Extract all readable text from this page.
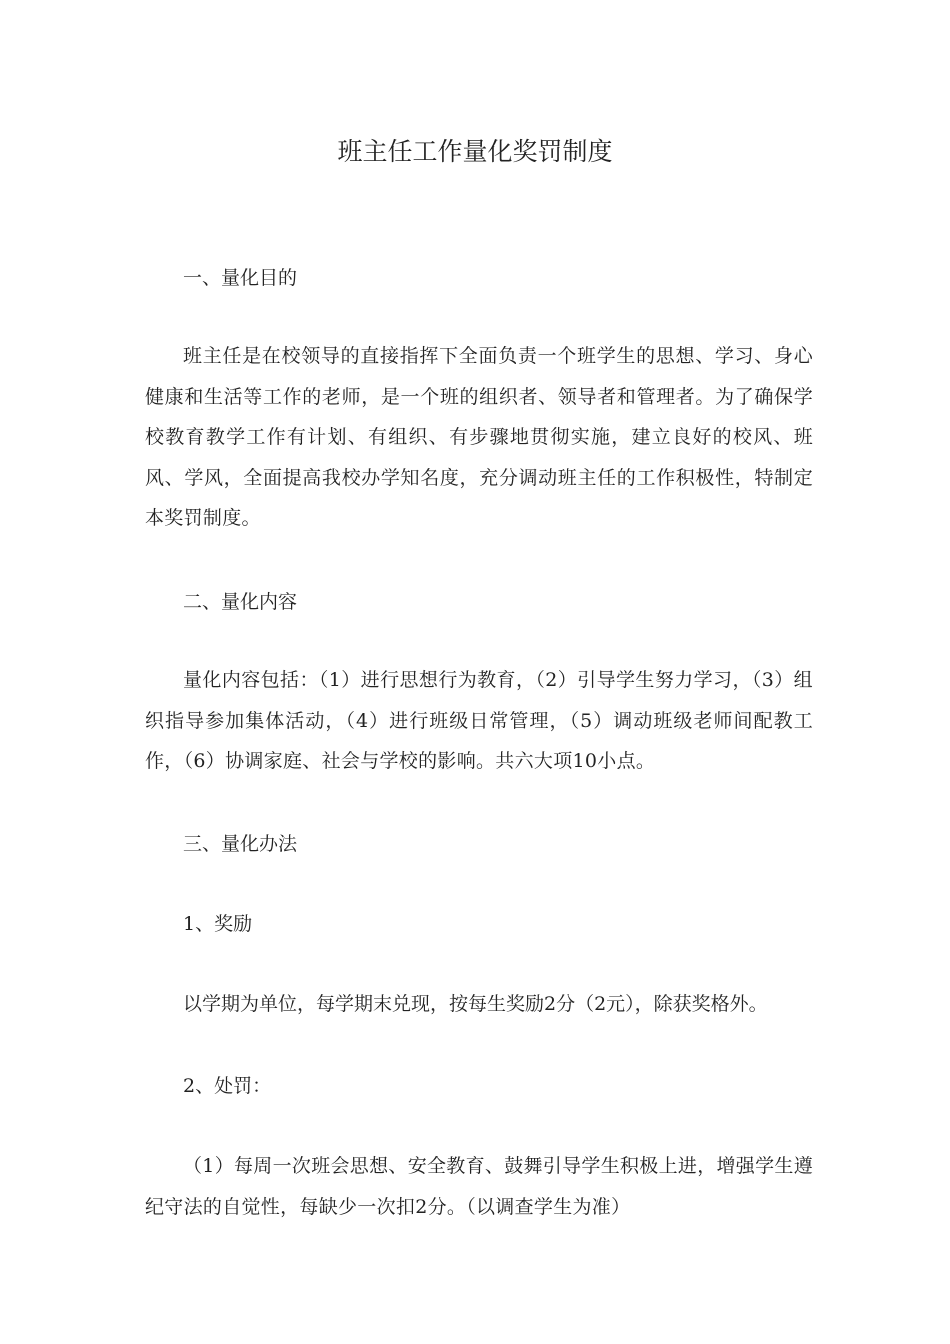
班主任工作量化奖罚制度
一、量化目的
班主任是在校领导的直接指挥下全面负责一个班学生的思想、学习、身心健康和生活等工作的老师，是一个班的组织者、领导者和管理者。为了确保学校教育教学工作有计划、有组织、有步骤地贯彻实施，建立良好的校风、班风、学风，全面提高我校办学知名度，充分调动班主任的工作积极性，特制定本奖罚制度。
二、量化内容
量化内容包括：（1）进行思想行为教育，（2）引导学生努力学习，（3）组织指导参加集体活动，（4）进行班级日常管理，（5）调动班级老师间配教工作，（6）协调家庭、社会与学校的影响。共六大项10小点。
三、量化办法
1、奖励
以学期为单位，每学期末兑现，按每生奖励2分（2元），除获奖格外。
2、处罚：
（1）每周一次班会思想、安全教育、鼓舞引导学生积极上进，增强学生遵纪守法的自觉性，每缺少一次扣2分。（以调查学生为准）
